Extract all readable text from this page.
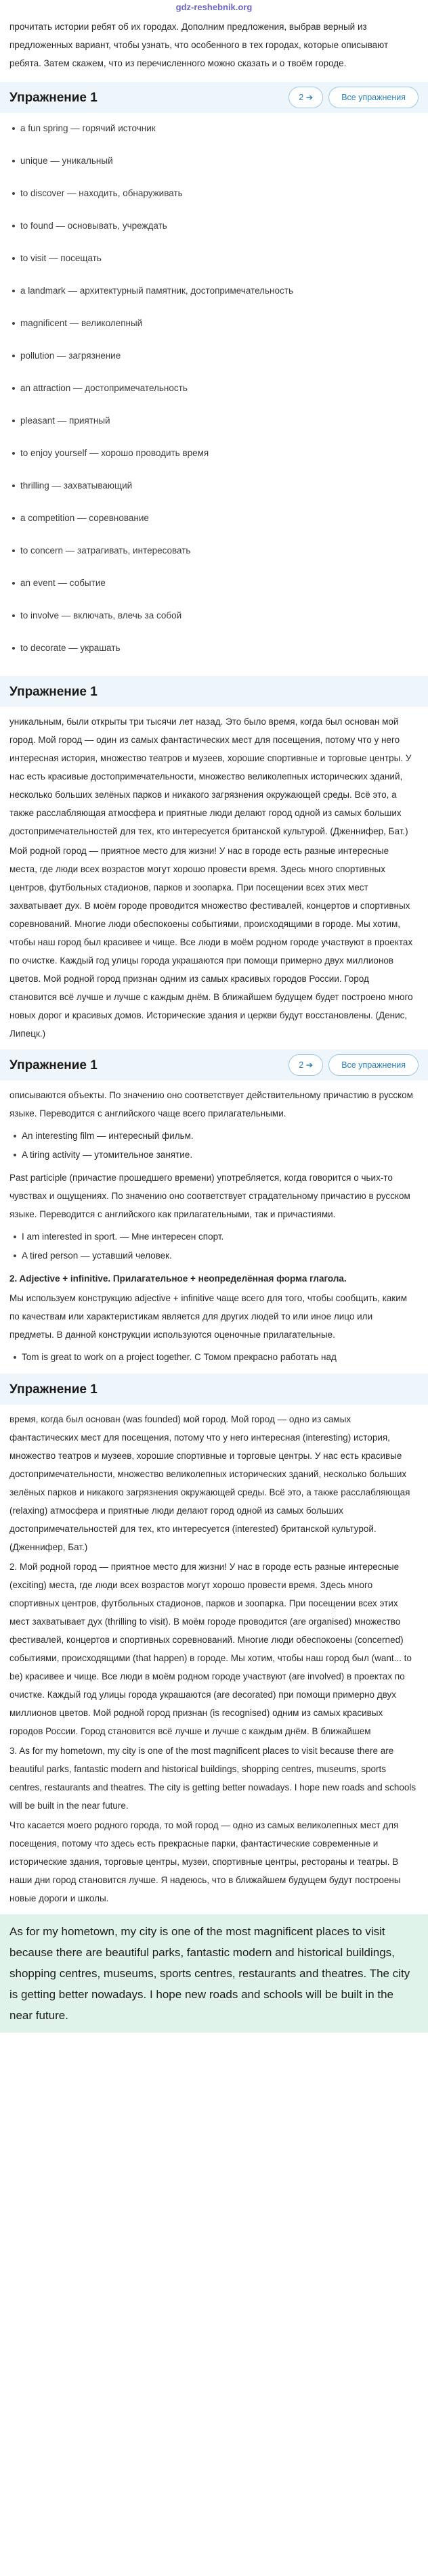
gdz-reshebnik.org
прочитать истории ребят об их городах. Дополним предложения, выбрав верный из предложенных вариант, чтобы узнать, что особенного в тех городах, которые описывают ребята. Затем скажем, что из перечисленного можно сказать и о твоём городе.
Упражнение 1	2 ➔	Все упражнения
a fun spring — горячий источник
unique — уникальный
to discover — находить, обнаруживать
to found — основывать, учреждать
to visit — посещать
a landmark — архитектурный памятник, достопримечательность
magnificent — великолепный
pollution — загрязнение
an attraction — достопримечательность
pleasant — приятный
to enjoy yourself — хорошо проводить время
thrilling — захватывающий
a competition — соревнование
to concern — затрагивать, интересовать
an event — событие
to involve — включать, влечь за собой
to decorate — украшать
Упражнение 1

уникальным, были открыты три тысячи лет назад. Это было время, когда был основан мой город. Мой город — один из самых фантастических мест для посещения, потому что у него интересная история, множество театров и музеев, хорошие спортивные и торговые центры. У нас есть красивые достопримечательности, множество великолепных исторических зданий, несколько больших зелёных парков и никакого загрязнения окружающей среды. Всё это, а также расслабляющая атмосфера и приятные люди делают город одной из самых больших достопримечательностей для тех, кто интересуется британской культурой. (Дженнифер, Бат.)

Мой родной город — приятное место для жизни! У нас в городе есть разные интересные места, где люди всех возрастов могут хорошо провести время. Здесь много спортивных центров, футбольных стадионов, парков и зоопарка. При посещении всех этих мест захватывает дух. В моём городе проводится множество фестивалей, концертов и спортивных соревнований. Многие люди обеспокоены событиями, происходящими в городе. Мы хотим, чтобы наш город был красивее и чище. Все люди в моём родном городе участвуют в проектах по очистке. Каждый год улицы города украшаются при помощи примерно двух миллионов цветов. Мой родной город признан одним из самых красивых городов России. Город становится всё лучше и лучше с каждым днём. В ближайшем будущем будет построено много новых дорог и красивых домов. Исторические здания и церкви будут восстановлены. (Денис, Липецк.)

Упражнение 1	2 ➔	Все упражнения

описываются объекты. По значению оно соответствует действительному причастию в русском языке. Переводится с английского чаще всего прилагательными.

An interesting film — интересный фильм.
A tiring activity — утомительное занятие.

Past participle (причастие прошедшего времени) употребляется, когда говорится о чьих-то чувствах и ощущениях. По значению оно соответствует страдательному причастию в русском языке. Переводится с английского как прилагательными, так и причастиями.

I am interested in sport. — Мне интересен спорт.
A tired person — уставший человек.

2. Adjective + infinitive. Прилагательное + неопределённая форма глагола.

Мы используем конструкцию adjective + infinitive чаще всего для того, чтобы сообщить, каким по качествам или характеристикам является для других людей то или иное лицо или предметы. В данной конструкции используются оценочные прилагательные.

Tom is great to work on a project together. С Томом прекрасно работать над
Упражнение 1

время, когда был основан (was founded) мой город. Мой город — одно из самых фантастических мест для посещения, потому что у него интересная (interesting) история, множество театров и музеев, хорошие спортивные и торговые центры. У нас есть красивые достопримечательности, множество великолепных исторических зданий, несколько больших зелёных парков и никакого загрязнения окружающей среды. Всё это, а также расслабляющая (relaxing) атмосфера и приятные люди делают город одной из самых больших достопримечательностей для тех, кто интересуется (interested) британской культурой. (Дженнифер, Бат.)

2. Мой родной город — приятное место для жизни! У нас в городе есть разные интересные (exciting) места, где люди всех возрастов могут хорошо провести время. Здесь много спортивных центров, футбольных стадионов, парков и зоопарка. При посещении всех этих мест захватывает дух (thrilling to visit). В моём городе проводится (are organised) множество фестивалей, концертов и спортивных соревнований. Многие люди обеспокоены (concerned) событиями, происходящими (that happen) в городе. Мы хотим, чтобы наш город был (want... to be) красивее и чище. Все люди в моём родном городе участвуют (are involved) в проектах по очистке. Каждый год улицы города украшаются (are decorated) при помощи примерно двух миллионов цветов. Мой родной город признан (is recognised) одним из самых красивых городов России. Город становится всё лучше и лучше с каждым днём. В ближайшем

3. As for my hometown, my city is one of the most magnificent places to visit because there are beautiful parks, fantastic modern and historical buildings, shopping centres, museums, sports centres, restaurants and theatres. The city is getting better nowadays. I hope new roads and schools will be built in the near future.

Что касается моего родного города, то мой город — одно из самых великолепных мест для посещения, потому что здесь есть прекрасные парки, фантастические современные и исторические здания, торговые центры, музеи, спортивные центры, рестораны и театры. В наши дни город становится лучше. Я надеюсь, что в ближайшем будущем будут построены новые дороги и школы.

As for my hometown, my city is one of the most magnificent places to visit because there are beautiful parks, fantastic modern and historical buildings, shopping centres, museums, sports centres, restaurants and theatres. The city is getting better nowadays. I hope new roads and schools will be built in the near future.
